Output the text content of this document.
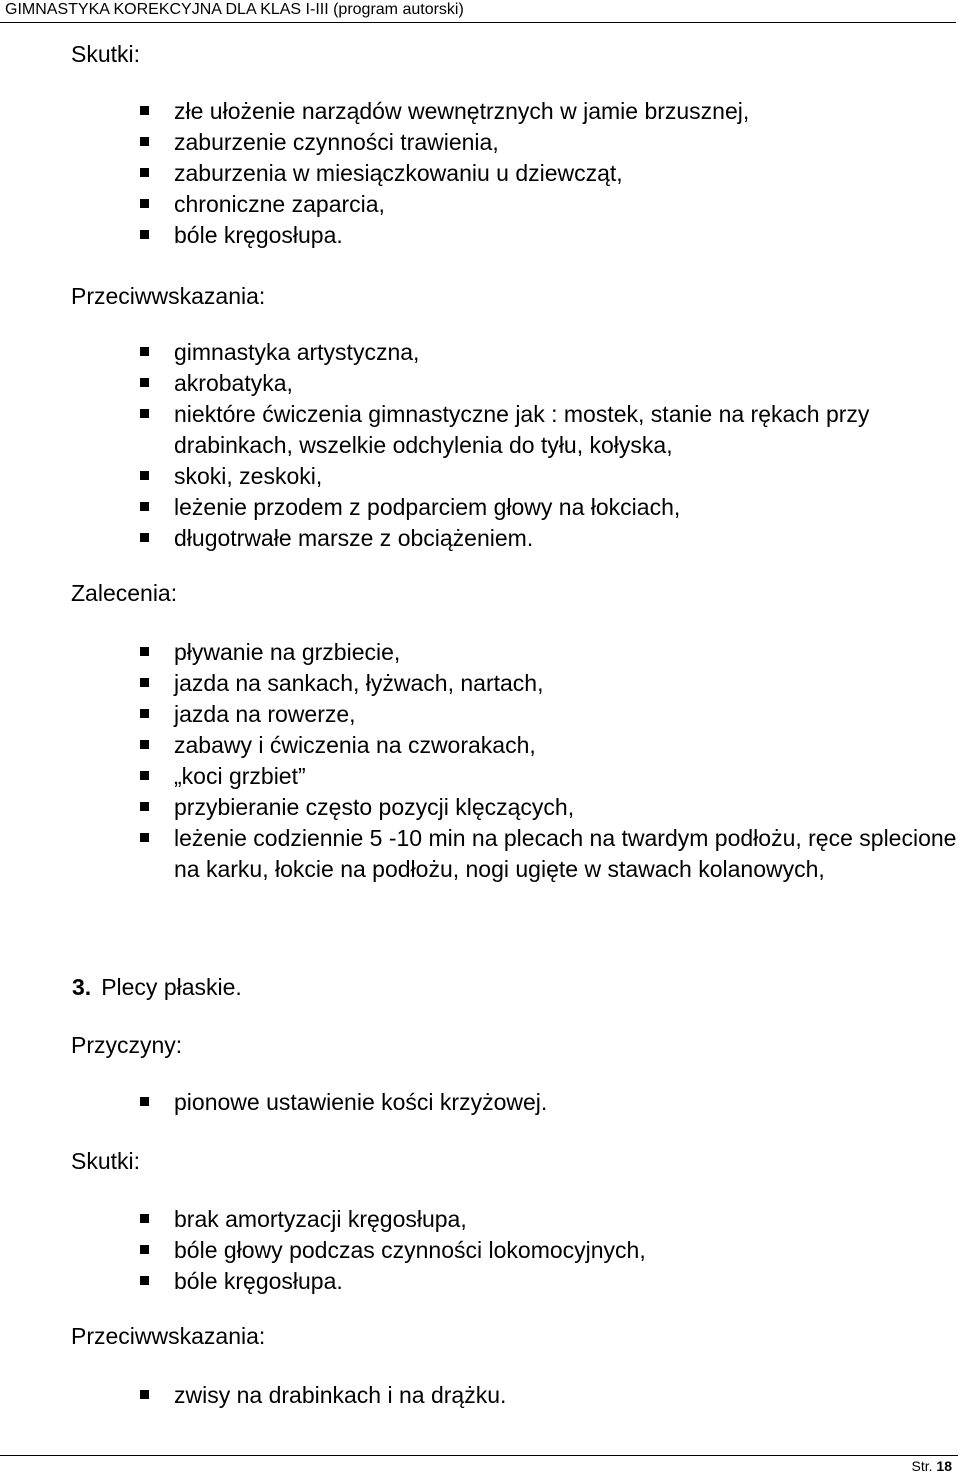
GIMNASTYKA KOREKCYJNA DLA KLAS I-III (program autorski)
Skutki:
złe ułożenie narządów wewnętrznych w jamie brzusznej,
zaburzenie czynności trawienia,
zaburzenia w miesiączkowaniu u dziewcząt,
chroniczne zaparcia,
bóle kręgosłupa.
Przeciwwskazania:
gimnastyka artystyczna,
akrobatyka,
niektóre ćwiczenia gimnastyczne jak : mostek, stanie na rękach przy drabinkach, wszelkie odchylenia do tyłu, kołyska,
skoki, zeskoki,
leżenie przodem z podparciem głowy na łokciach,
długotrwałe marsze z obciążeniem.
Zalecenia:
pływanie na grzbiecie,
jazda na sankach, łyżwach, nartach,
jazda na rowerze,
zabawy i ćwiczenia na czworakach,
„koci grzbiet”
przybieranie często pozycji klęczących,
leżenie codziennie 5 -10 min na plecach na twardym podłożu, ręce splecione na karku, łokcie na podłożu, nogi ugięte w stawach kolanowych,
3. Plecy płaskie.
Przyczyny:
pionowe ustawienie kości krzyżowej.
Skutki:
brak amortyzacji kręgosłupa,
bóle głowy podczas czynności lokomocyjnych,
bóle kręgosłupa.
Przeciwwskazania:
zwisy na drabinkach i na drążku.
Str. 18
